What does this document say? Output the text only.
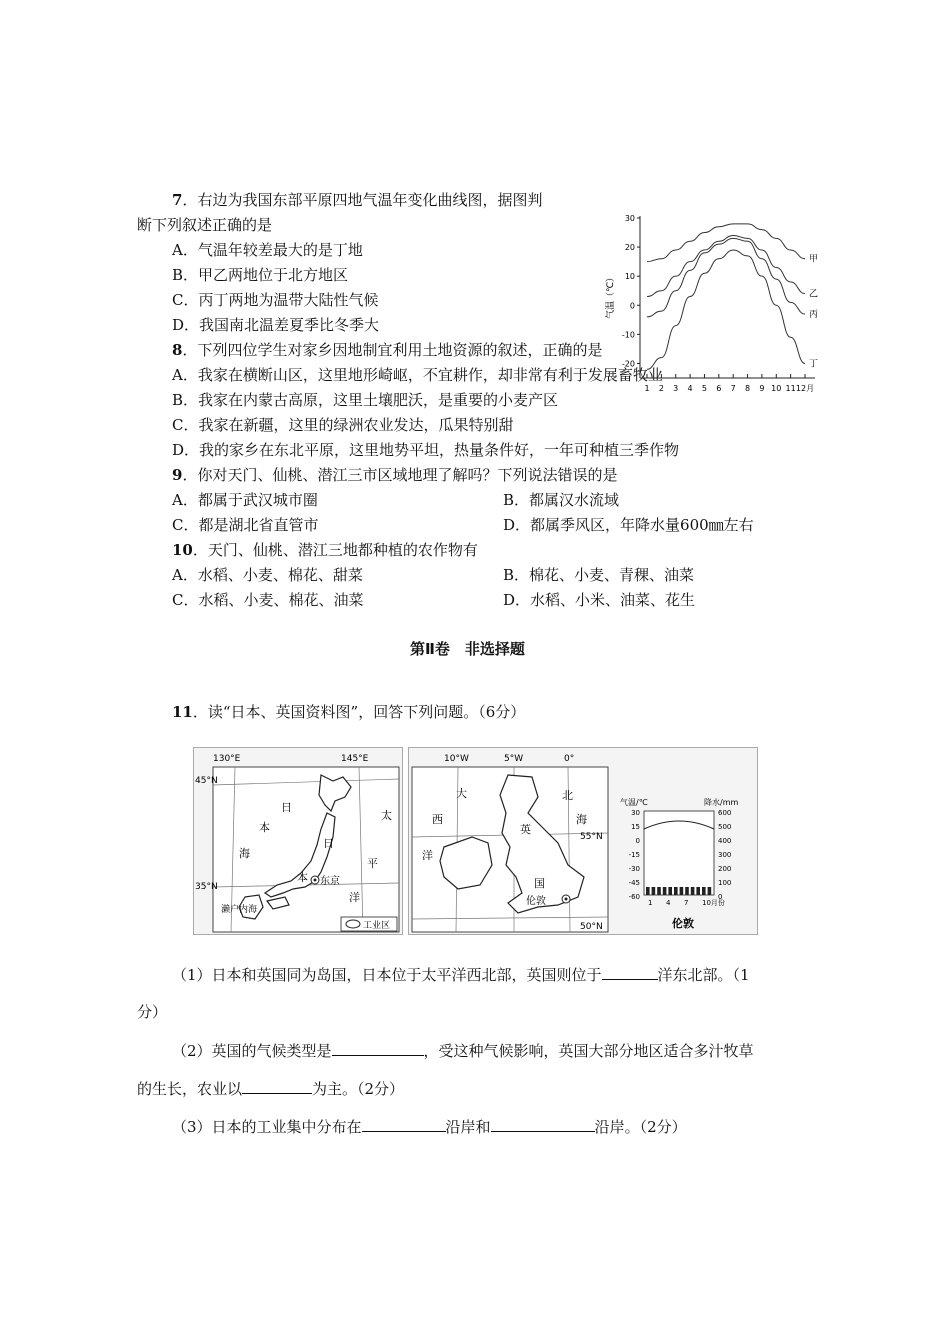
7．右边为我国东部平原四地气温年变化曲线图，据图判
断下列叙述正确的是
A．气温年较差最大的是丁地
B．甲乙两地位于北方地区
C．丙丁两地为温带大陆性气候
D．我国南北温差夏季比冬季大
8．下列四位学生对家乡因地制宜利用土地资源的叙述，正确的是
A．我家在横断山区，这里地形崎岖，不宜耕作，却非常有利于发展畜牧业
B．我家在内蒙古高原，这里土壤肥沃，是重要的小麦产区
C．我家在新疆，这里的绿洲农业发达，瓜果特别甜
D．我的家乡在东北平原，这里地势平坦，热量条件好，一年可种植三季作物
9．你对天门、仙桃、潜江三市区域地理了解吗？下列说法错误的是
A．都属于武汉城市圈	B．都属汉水流域
C．都是湖北省直管市	D．都属季风区，年降水量600㎜左右
10．天门、仙桃、潜江三地都种植的农作物有
A．水稻、小麦、棉花、甜菜	B．棉花、小麦、青稞、油菜
C．水稻、小麦、棉花、油菜	D．水稻、小米、油菜、花生
第Ⅱ卷　非选择题
11．读“日本、英国资料图”，回答下列问题。（6分）
30
20
10
0
-10
-20
1 2 3 4 5 6 7 8 9 10 11 12月
甲
乙
丙
丁
气温（℃）
130°E	145°E
45°N
35°N
日
本
海
日
本 东京
太
平
洋
濑户内海
工业区
10°W	5°W	0°
55°N
50°N
大
西
洋
北
海
英
国
伦敦
气温/℃	降水/mm
30
15
0
-15
-30
-45
-60
600
500
400
300
200
100
0
1 4 7 10月份
伦敦
（1）日本和英国同为岛国，日本位于太平洋西北部，英国则位于	洋东北部。（1
分）
（2）英国的气候类型是	，受这种气候影响，英国大部分地区适合多汁牧草
的生长，农业以	为主。（2分）
（3）日本的工业集中分布在	沿岸和	沿岸。（2分）
